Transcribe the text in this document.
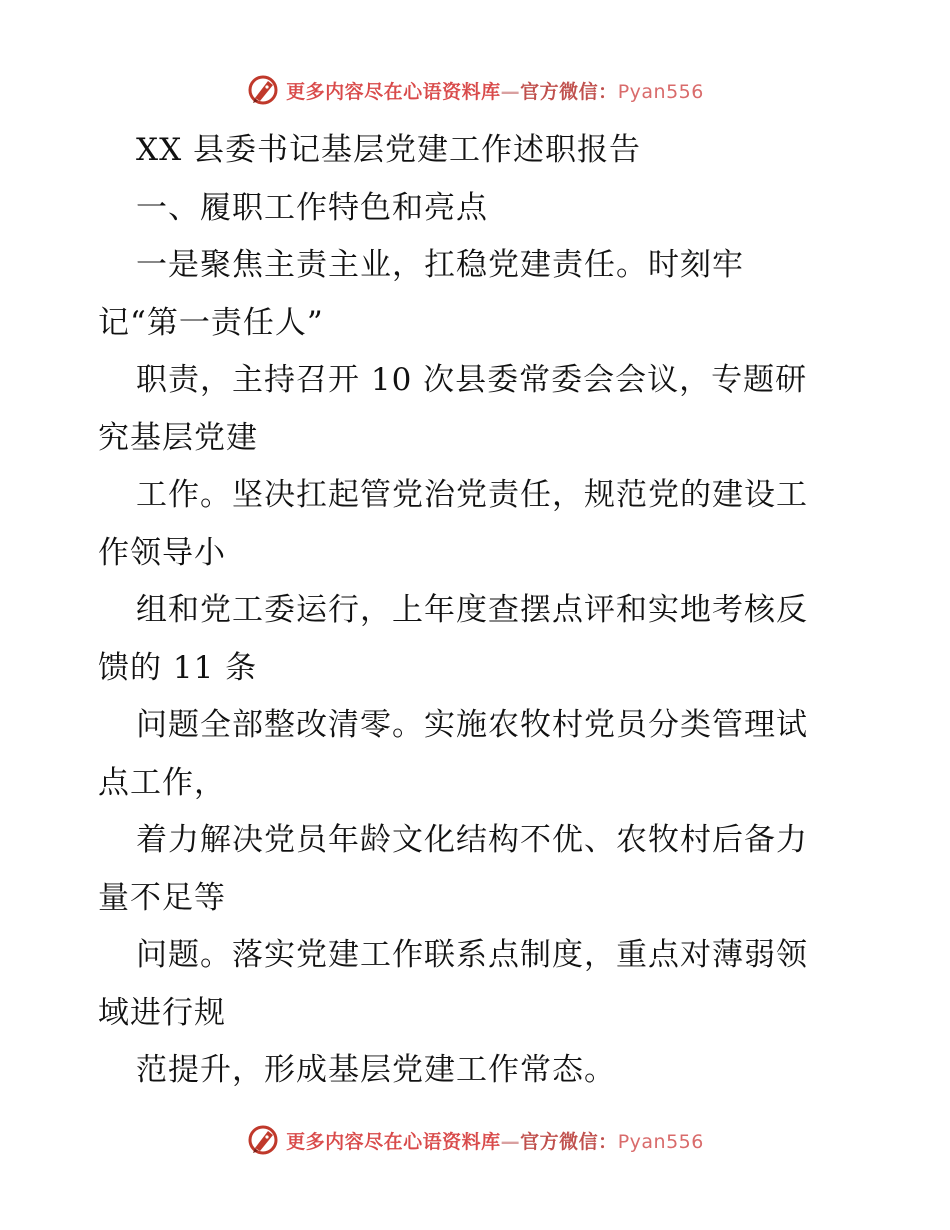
更多内容尽在心语资料库—官方微信：Pyan556
XX 县委书记基层党建工作述职报告
一、履职工作特色和亮点
一是聚焦主责主业，扛稳党建责任。时刻牢
记“第一责任人”
职责，主持召开 10 次县委常委会会议，专题研
究基层党建
工作。坚决扛起管党治党责任，规范党的建设工
作领导小
组和党工委运行，上年度查摆点评和实地考核反
馈的 11 条
问题全部整改清零。实施农牧村党员分类管理试
点工作，
着力解决党员年龄文化结构不优、农牧村后备力
量不足等
问题。落实党建工作联系点制度，重点对薄弱领
域进行规
范提升，形成基层党建工作常态。
更多内容尽在心语资料库—官方微信：Pyan556
